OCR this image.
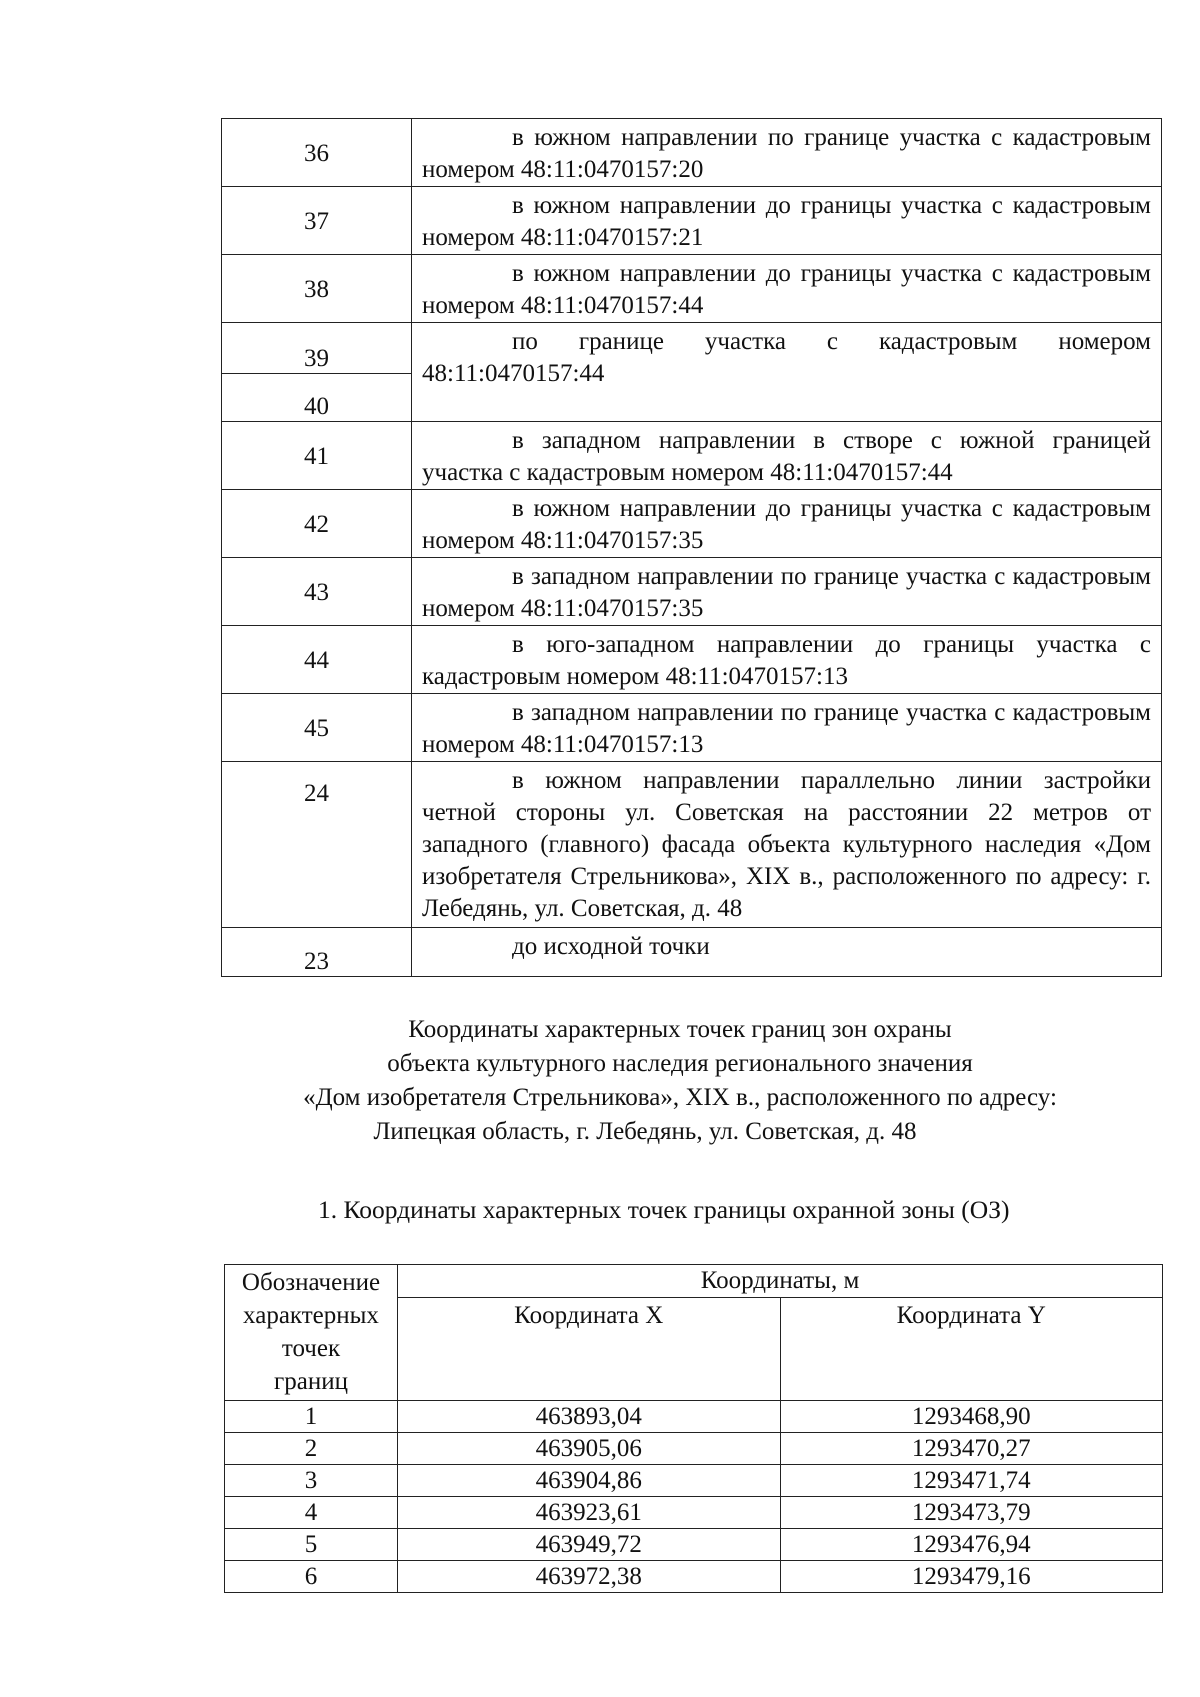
36	в южном направлении по границе участка с кадастровым номером 48:11:0470157:20

37	в южном направлении до границы участка с кадастровым номером 48:11:0470157:21

38	в южном направлении до границы участка с кадастровым номером 48:11:0470157:44

39	по границе участка с кадастровым номером 48:11:0470157:44

40	
41	в западном направлении в створе с южной границей участка с кадастровым номером 48:11:0470157:44

42	в южном направлении до границы участка с кадастровым номером 48:11:0470157:35

43	в западном направлении по границе участка с кадастровым номером 48:11:0470157:35

44	в юго-западном направлении до границы участка с кадастровым номером 48:11:0470157:13

45	в западном направлении по границе участка с кадастровым номером 48:11:0470157:13

24	в южном направлении параллельно линии застройки четной стороны ул. Советская на расстоянии 22 метров от западного (главного) фасада объекта культурного наследия «Дом изобретателя Стрельникова», XIX в., расположенного по адресу: г. Лебедянь, ул. Советская, д. 48

23	до исходной точки
Координаты характерных точек границ зон охраны
объекта культурного наследия регионального значения
«Дом изобретателя Стрельникова», XIX в., расположенного по адресу:
Липецкая область, г. Лебедянь, ул. Советская, д. 48
1. Координаты характерных точек границы охранной зоны (ОЗ)
Обозначение
характерных
точек
границ	Координаты, м	
	Координата X	Координата Y
1	463893,04	1293468,90
2	463905,06	1293470,27
3	463904,86	1293471,74
4	463923,61	1293473,79
5	463949,72	1293476,94
6	463972,38	1293479,16
